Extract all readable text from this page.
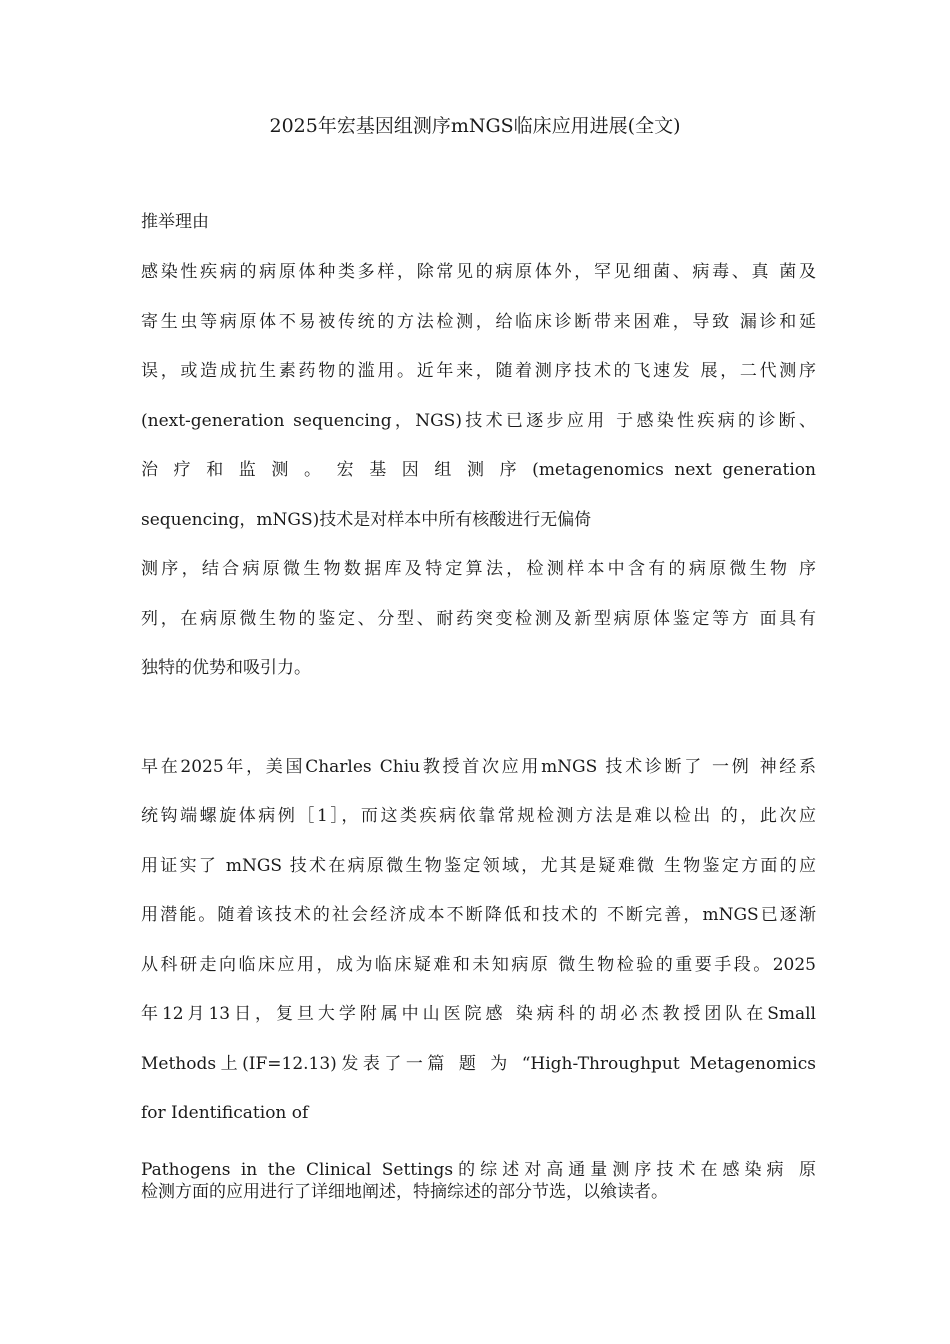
2025年宏基因组测序mNGS临床应用进展(全文)
推举理由
感染性疾病的病原体种类多样，除常见的病原体外，罕见细菌、病毒、真 菌及
寄生虫等病原体不易被传统的方法检测，给临床诊断带来困难，导致 漏诊和延
误，或造成抗生素药物的滥用。近年来，随着测序技术的飞速发 展，二代测序
(next-generation sequencing，NGS)技术已逐步应用 于感染性疾病的诊断、
治 疗 和 监 测 。 宏 基 因 组 测 序 (metagenomics next generation
sequencing，mNGS)技术是对样本中所有核酸进行无偏倚
测序，结合病原微生物数据库及特定算法，检测样本中含有的病原微生物 序
列，在病原微生物的鉴定、分型、耐药突变检测及新型病原体鉴定等方 面具有
独特的优势和吸引力。
早在2025年，美国Charles Chiu教授首次应用mNGS 技术诊断了 一例 神经系
统钩端螺旋体病例［1］，而这类疾病依靠常规检测方法是难以检出 的，此次应
用证实了 mNGS 技术在病原微生物鉴定领域，尤其是疑难微 生物鉴定方面的应
用潜能。随着该技术的社会经济成本不断降低和技术的 不断完善，mNGS已逐渐
从科研走向临床应用，成为临床疑难和未知病原 微生物检验的重要手段。2025
年12月13日，复旦大学附属中山医院感 染病科的胡必杰教授团队在Small
Methods上(IF=12.13)发表了一篇 题 为 “High-Throughput Metagenomics
for Identification of
Pathogens in the Clinical Settings的综述对高通量测序技术在感染病 原
检测方面的应用进行了详细地阐述，特摘综述的部分节选，以飨读者。
